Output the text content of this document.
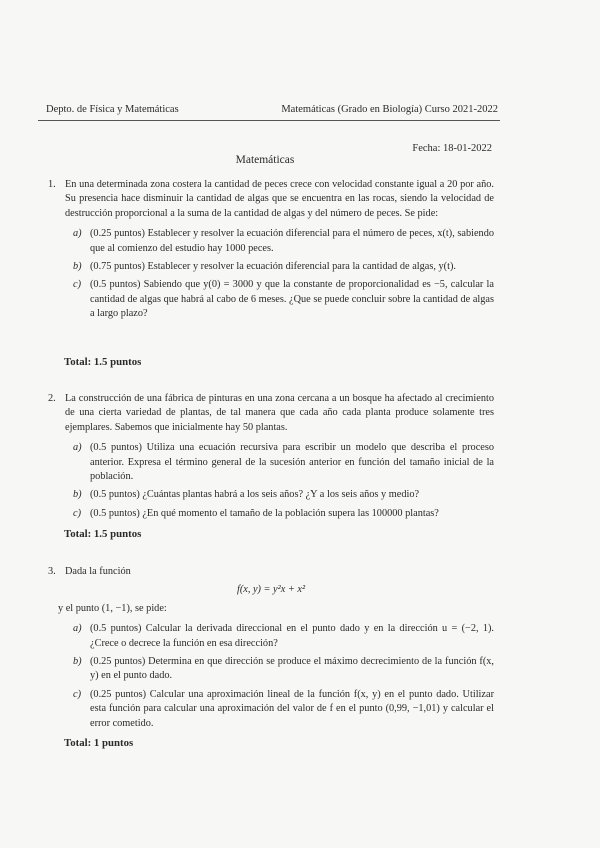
Depto. de Física y Matemáticas	Matemáticas (Grado en Biología) Curso 2021-2022
Fecha: 18-01-2022
Matemáticas
1. En una determinada zona costera la cantidad de peces crece con velocidad constante igual a 20 por año. Su presencia hace disminuir la cantidad de algas que se encuentra en las rocas, siendo la velocidad de destrucción proporcional a la suma de la cantidad de algas y del número de peces. Se pide:
a) (0.25 puntos) Establecer y resolver la ecuación diferencial para el número de peces, x(t), sabiendo que al comienzo del estudio hay 1000 peces.
b) (0.75 puntos) Establecer y resolver la ecuación diferencial para la cantidad de algas, y(t).
c) (0.5 puntos) Sabiendo que y(0) = 3000 y que la constante de proporcionalidad es −5, calcular la cantidad de algas que habrá al cabo de 6 meses. ¿Que se puede concluir sobre la cantidad de algas a largo plazo?
Total: 1.5 puntos
2. La construcción de una fábrica de pinturas en una zona cercana a un bosque ha afectado al crecimiento de una cierta variedad de plantas, de tal manera que cada año cada planta produce solamente tres ejemplares. Sabemos que inicialmente hay 50 plantas.
a) (0.5 puntos) Utiliza una ecuación recursiva para escribir un modelo que describa el proceso anterior. Expresa el término general de la sucesión anterior en función del tamaño inicial de la población.
b) (0.5 puntos) ¿Cuántas plantas habrá a los seis años? ¿Y a los seis años y medio?
c) (0.5 puntos) ¿En qué momento el tamaño de la población supera las 100000 plantas?
Total: 1.5 puntos
3. Dada la función
f(x, y) = y²x + x²
y el punto (1, −1), se pide:
a) (0.5 puntos) Calcular la derivada direccional en el punto dado y en la dirección u = (−2, 1). ¿Crece o decrece la función en esa dirección?
b) (0.25 puntos) Determina en que dirección se produce el máximo decrecimiento de la función f(x, y) en el punto dado.
c) (0.25 puntos) Calcular una aproximación lineal de la función f(x, y) en el punto dado. Utilizar esta función para calcular una aproximación del valor de f en el punto (0,99, −1,01) y calcular el error cometido.
Total: 1 puntos
